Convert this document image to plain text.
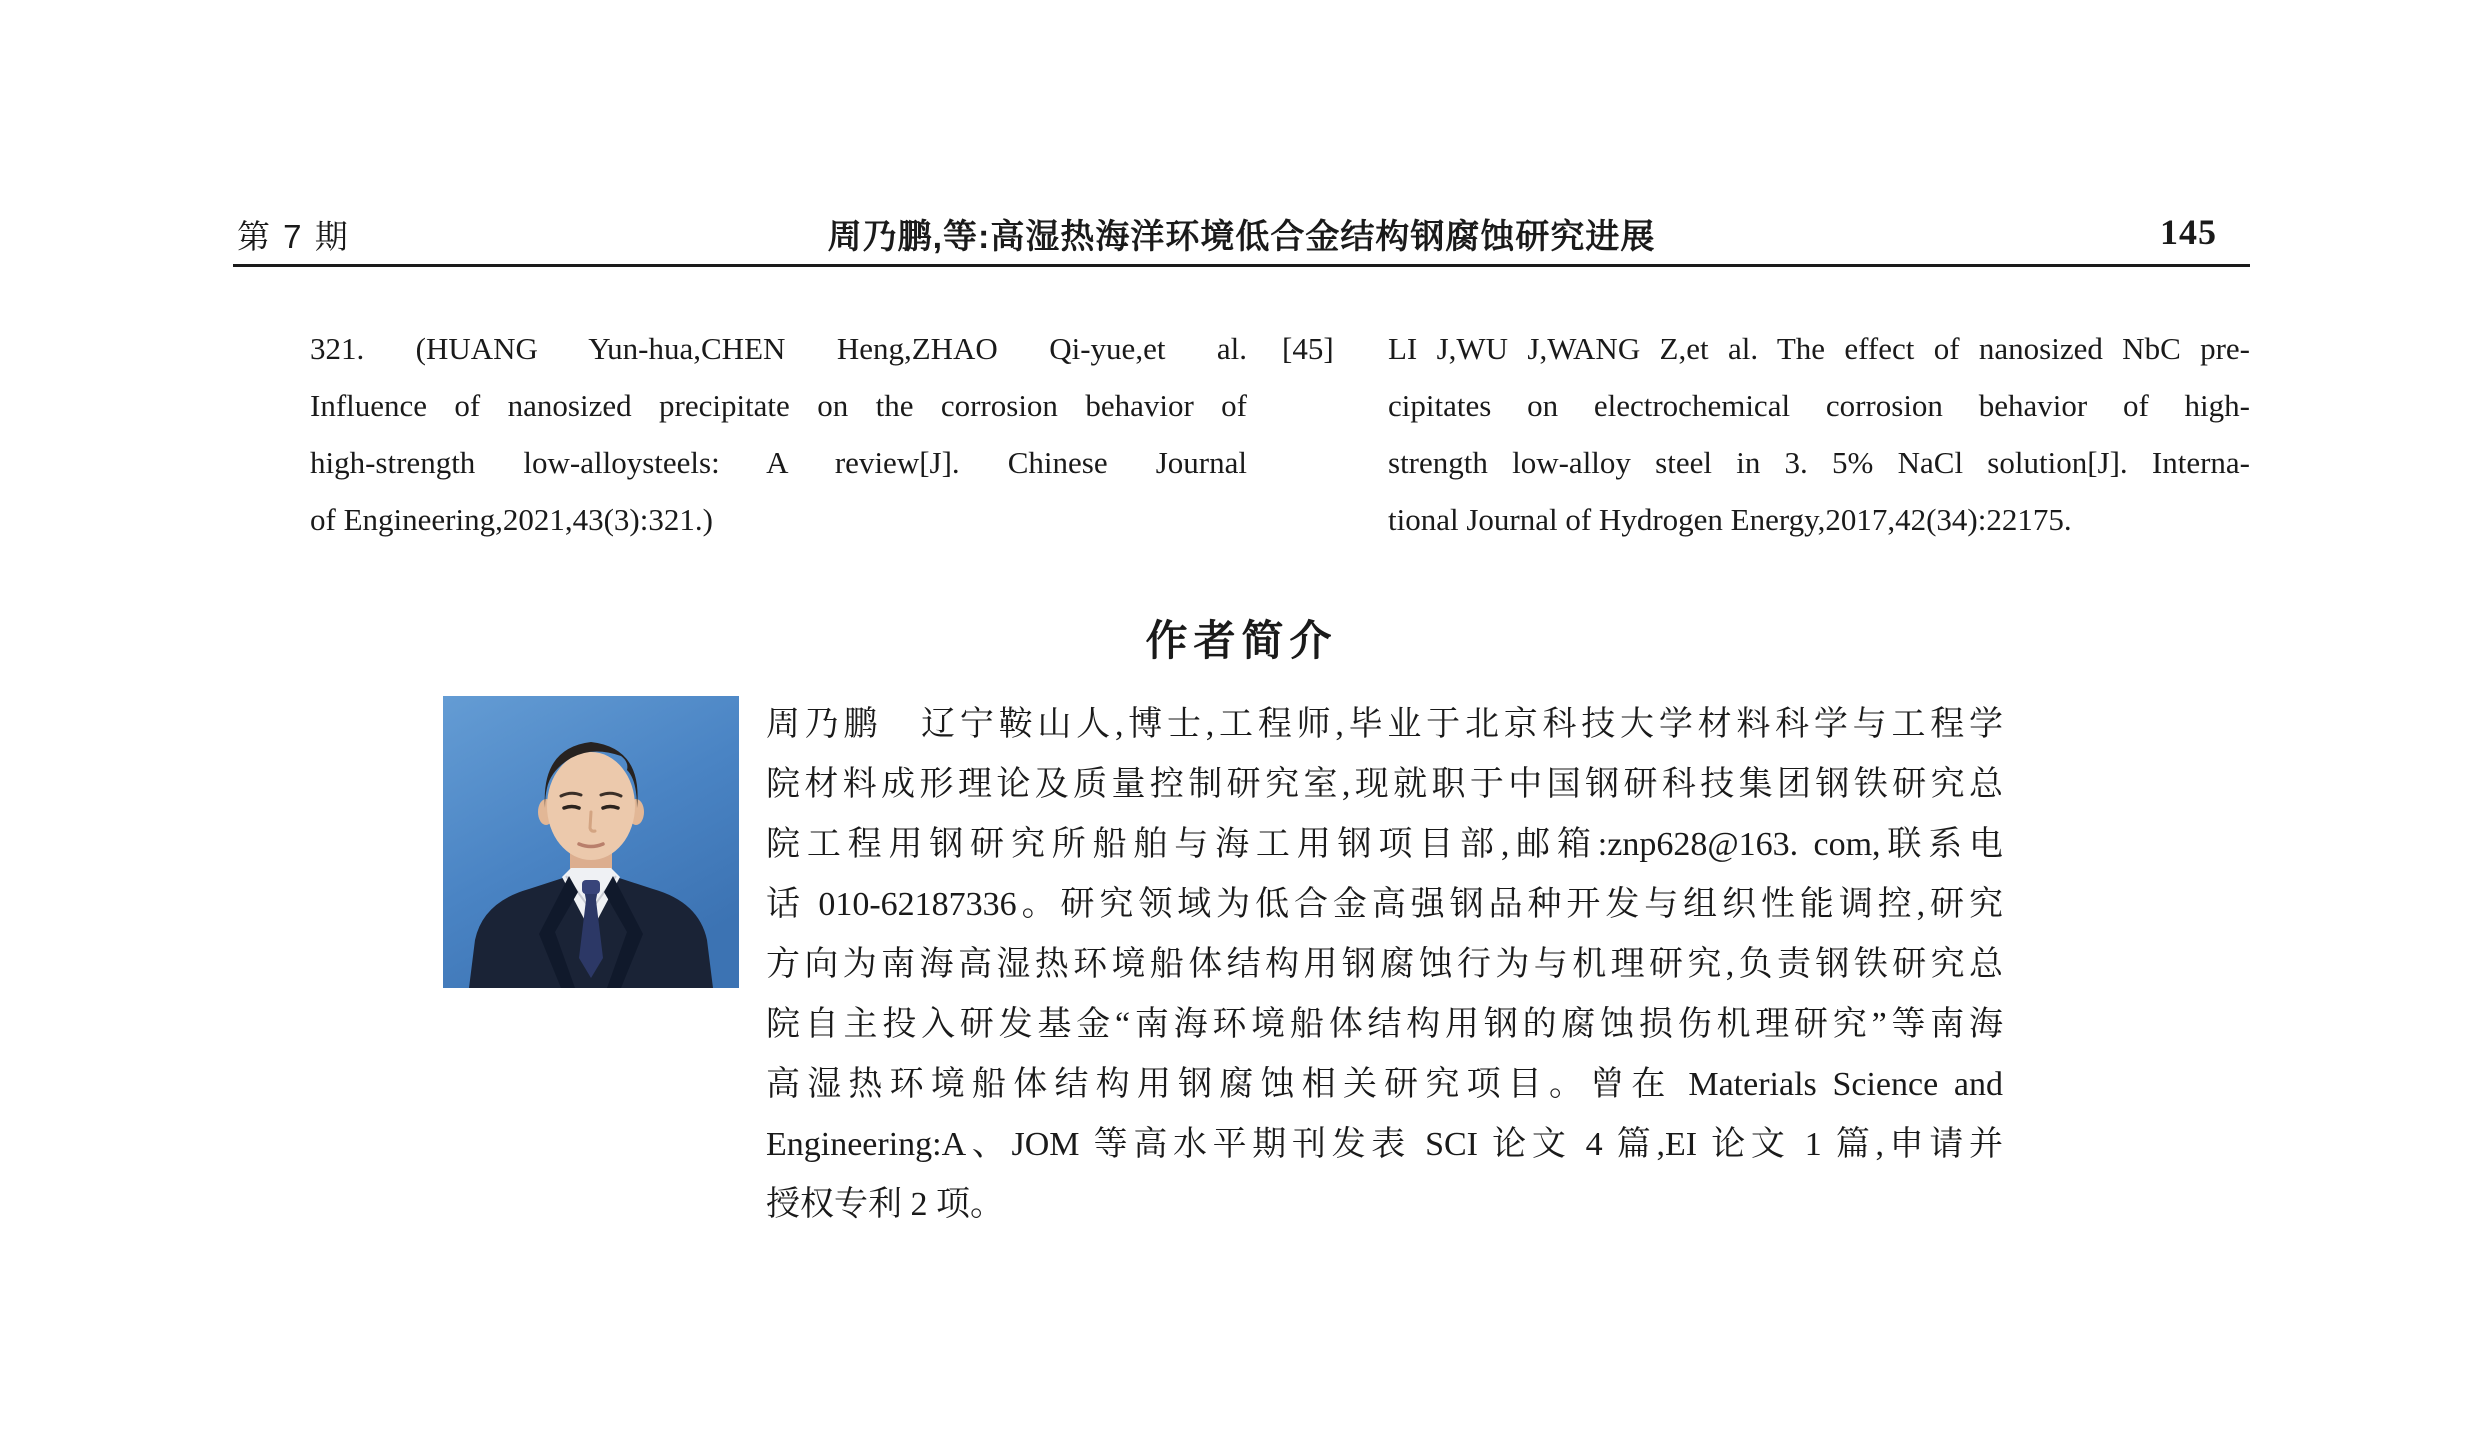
第 7 期	周乃鹏,等:高湿热海洋环境低合金结构钢腐蚀研究进展	145
321. (HUANG Yun-hua,CHEN Heng,ZHAO Qi-yue,et al.
Influence of nanosized precipitate on the corrosion behavior of
high-strength low-alloysteels: A review[J]. Chinese Journal
of Engineering,2021,43(3):321.)
[45] LI J,WU J,WANG Z,et al. The effect of nanosized NbC pre-
cipitates on electrochemical corrosion behavior of high-
strength low-alloy steel in 3. 5% NaCl solution[J]. Interna-
tional Journal of Hydrogen Energy,2017,42(34):22175.
作者简介
周乃鹏　辽宁鞍山人,博士,工程师,毕业于北京科技大学材料科学与工程学
院材料成形理论及质量控制研究室,现就职于中国钢研科技集团钢铁研究总
院工程用钢研究所船舶与海工用钢项目部,邮箱:znp628@163. com,联系电
话 010-62187336。研究领域为低合金高强钢品种开发与组织性能调控,研究
方向为南海高湿热环境船体结构用钢腐蚀行为与机理研究,负责钢铁研究总
院自主投入研发基金“南海环境船体结构用钢的腐蚀损伤机理研究”等南海
高湿热环境船体结构用钢腐蚀相关研究项目。曾在 Materials Science and
Engineering:A、JOM 等高水平期刊发表 SCI 论文 4 篇,EI 论文 1 篇,申请并
授权专利 2 项。
